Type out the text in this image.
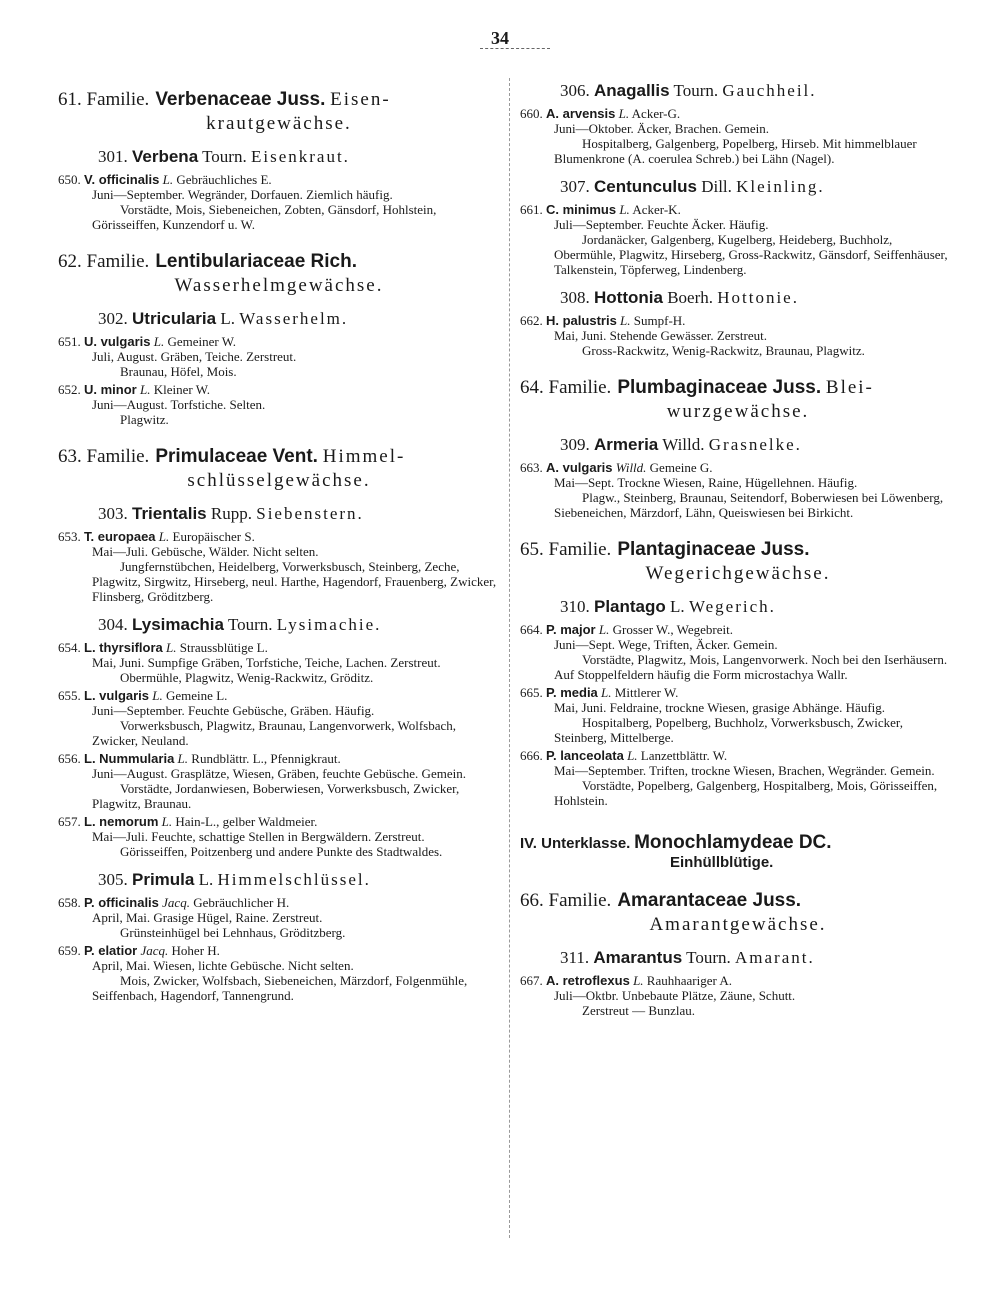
34
61. Familie. Verbenaceae Juss. Eisen-
krautgewächse.
301. Verbena Tourn. Eisenkraut.
650. V. officinalis L. Gebräuchliches E.
Juni—September. Wegränder, Dorfauen. Ziemlich häufig.
Vorstädte, Mois, Siebeneichen, Zobten, Gänsdorf, Hohlstein, Görisseiffen, Kunzendorf u. W.
62. Familie. Lentibulariaceae Rich.
Wasserhelmgewächse.
302. Utricularia L. Wasserhelm.
651. U. vulgaris L. Gemeiner W.
Juli, August. Gräben, Teiche. Zerstreut.
Braunau, Höfel, Mois.
652. U. minor L. Kleiner W.
Juni—August. Torfstiche. Selten.
Plagwitz.
63. Familie. Primulaceae Vent. Himmel-
schlüsselgewächse.
303. Trientalis Rupp. Siebenstern.
653. T. europaea L. Europäischer S.
Mai—Juli. Gebüsche, Wälder. Nicht selten.
Jungfernstübchen, Heidelberg, Vorwerksbusch, Steinberg, Zeche, Plagwitz, Sirgwitz, Hirseberg, neul. Harthe, Hagendorf, Frauenberg, Zwicker, Flinsberg, Gröditzberg.
304. Lysimachia Tourn. Lysimachie.
654. L. thyrsiflora L. Straussblütige L.
Mai, Juni. Sumpfige Gräben, Torfstiche, Teiche, Lachen. Zerstreut.
Obermühle, Plagwitz, Wenig-Rackwitz, Gröditz.
655. L. vulgaris L. Gemeine L.
Juni—September. Feuchte Gebüsche, Gräben. Häufig.
Vorwerksbusch, Plagwitz, Braunau, Langenvorwerk, Wolfsbach, Zwicker, Neuland.
656. L. Nummularia L. Rundblättr. L., Pfennigkraut.
Juni—August. Grasplätze, Wiesen, Gräben, feuchte Gebüsche. Gemein.
Vorstädte, Jordanwiesen, Boberwiesen, Vorwerksbusch, Zwicker, Plagwitz, Braunau.
657. L. nemorum L. Hain-L., gelber Waldmeier.
Mai—Juli. Feuchte, schattige Stellen in Bergwäldern. Zerstreut.
Görisseiffen, Poitzenberg und andere Punkte des Stadtwaldes.
305. Primula L. Himmelschlüssel.
658. P. officinalis Jacq. Gebräuchlicher H.
April, Mai. Grasige Hügel, Raine. Zerstreut.
Grünsteinhügel bei Lehnhaus, Gröditzberg.
659. P. elatior Jacq. Hoher H.
April, Mai. Wiesen, lichte Gebüsche. Nicht selten.
Mois, Zwicker, Wolfsbach, Siebeneichen, Märzdorf, Folgenmühle, Seiffenbach, Hagendorf, Tannengrund.
306. Anagallis Tourn. Gauchheil.
660. A. arvensis L. Acker-G.
Juni—Oktober. Äcker, Brachen. Gemein.
Hospitalberg, Galgenberg, Popelberg, Hirseb. Mit himmelblauer Blumenkrone (A. coerulea Schreb.) bei Lähn (Nagel).
307. Centunculus Dill. Kleinling.
661. C. minimus L. Acker-K.
Juli—September. Feuchte Äcker. Häufig.
Jordanäcker, Galgenberg, Kugelberg, Heideberg, Buchholz, Obermühle, Plagwitz, Hirseberg, Gross-Rackwitz, Gänsdorf, Seiffenhäuser, Talkenstein, Töpferweg, Lindenberg.
308. Hottonia Boerh. Hottonie.
662. H. palustris L. Sumpf-H.
Mai, Juni. Stehende Gewässer. Zerstreut.
Gross-Rackwitz, Wenig-Rackwitz, Braunau, Plagwitz.
64. Familie. Plumbaginaceae Juss. Blei-
wurzgewächse.
309. Armeria Willd. Grasnelke.
663. A. vulgaris Willd. Gemeine G.
Mai—Sept. Trockne Wiesen, Raine, Hügellehnen. Häufig.
Plagw., Steinberg, Braunau, Seitendorf, Boberwiesen bei Löwenberg, Siebeneichen, Märzdorf, Lähn, Queiswiesen bei Birkicht.
65. Familie. Plantaginaceae Juss.
Wegerichgewächse.
310. Plantago L. Wegerich.
664. P. major L. Grosser W., Wegebreit.
Juni—Sept. Wege, Triften, Äcker. Gemein.
Vorstädte, Plagwitz, Mois, Langenvorwerk. Noch bei den Iserhäusern. Auf Stoppelfeldern häufig die Form microstachya Wallr.
665. P. media L. Mittlerer W.
Mai, Juni. Feldraine, trockne Wiesen, grasige Abhänge. Häufig.
Hospitalberg, Popelberg, Buchholz, Vorwerksbusch, Zwicker, Steinberg, Mittelberge.
666. P. lanceolata L. Lanzettblättr. W.
Mai—September. Triften, trockne Wiesen, Brachen, Wegränder. Gemein.
Vorstädte, Popelberg, Galgenberg, Hospitalberg, Mois, Görisseiffen, Hohlstein.
IV. Unterklasse. Monochlamydeae DC.
Einhüllblütige.
66. Familie. Amarantaceae Juss.
Amarantgewächse.
311. Amarantus Tourn. Amarant.
667. A. retroflexus L. Rauhhaariger A.
Juli—Oktbr. Unbebaute Plätze, Zäune, Schutt.
Zerstreut — Bunzlau.
